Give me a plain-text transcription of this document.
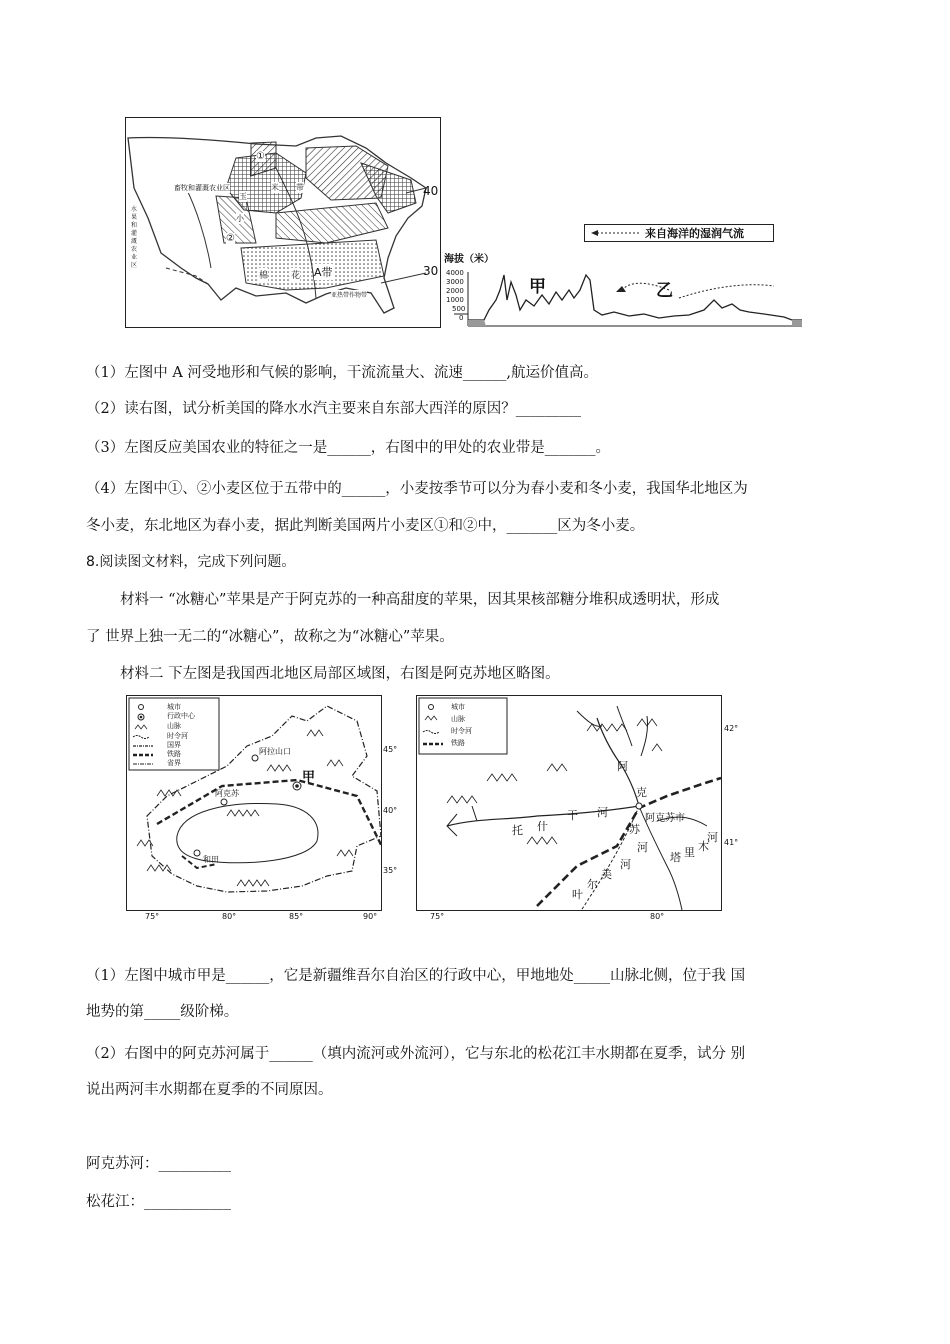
畜牧和灌溉农业区
水果和灌溉农业区
①
②
小
玉
米 带
棉	花 A带
亚热带作物带
40
30
来自海洋的湿润气流
海拔（米）
4000
3000
2000
1000
500
0
甲	乙
（1）左图中 A 河受地形和气候的影响，干流流量大、流速______,航运价值高。
（2）读右图，试分析美国的降水水汽主要来自东部大西洋的原因？_________
（3）左图反应美国农业的特征之一是______，右图中的甲处的农业带是_______。
（4）左图中①、②小麦区位于五带中的______，小麦按季节可以分为春小麦和冬小麦，我国华北地区为
冬小麦，东北地区为春小麦，据此判断美国两片小麦区①和②中，_______区为冬小麦。
8.阅读图文材料，完成下列问题。
材料一 “冰糖心”苹果是产于阿克苏的一种高甜度的苹果，因其果核部糖分堆积成透明状，形成
了 世界上独一无二的“冰糖心”，故称之为“冰糖心”苹果。
材料二 下左图是我国西北地区局部区域图，右图是阿克苏地区略图。
城市
行政中心
山脉
时令河
国界
铁路
省界
阿拉山口
甲
阿克苏
和田
45°
40°
35°
75°	80°	85°	90°
城市
山脉
时令河
铁路
阿克苏市
阿
克
苏
河
托 什
干 河
河
塔 里 木
河
美
尔
叶
42°
41°
75°	80°
（1）左图中城市甲是______，它是新疆维吾尔自治区的行政中心，甲地地处_____山脉北侧，位于我 国
地势的第_____级阶梯。
（2）右图中的阿克苏河属于______（填内流河或外流河），它与东北的松花江丰水期都在夏季，试分 别
说出两河丰水期都在夏季的不同原因。
阿克苏河：__________
松花江：____________
